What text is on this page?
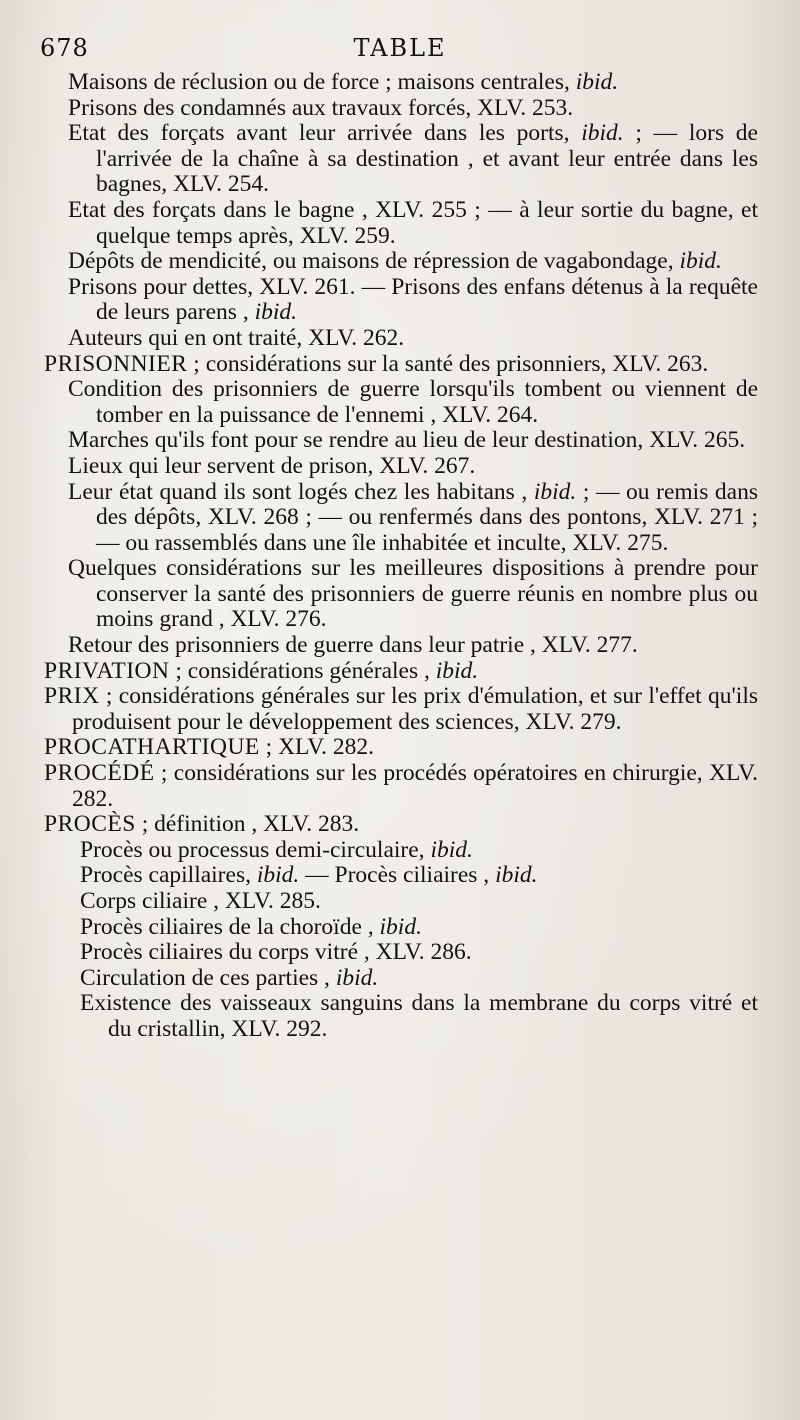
678	TABLE

Maisons de réclusion ou de force ; maisons centrales, ibid.

Prisons des condamnés aux travaux forcés, XLV. 253.

Etat des forçats avant leur arrivée dans les ports, ibid. ; — lors de l'arrivée de la chaîne à sa destination , et avant leur entrée dans les bagnes, XLV. 254.

Etat des forçats dans le bagne , XLV. 255 ; — à leur sortie du bagne, et quelque temps après, XLV. 259.

Dépôts de mendicité, ou maisons de répression de vagabondage, ibid.

Prisons pour dettes, XLV. 261. — Prisons des enfans détenus à la requête de leurs parens , ibid.

Auteurs qui en ont traité, XLV. 262.

PRISONNIER ; considérations sur la santé des prisonniers, XLV. 263.

Condition des prisonniers de guerre lorsqu'ils tombent ou viennent de tomber en la puissance de l'ennemi , XLV. 264.

Marches qu'ils font pour se rendre au lieu de leur destination, XLV. 265.

Lieux qui leur servent de prison, XLV. 267.

Leur état quand ils sont logés chez les habitans , ibid. ; — ou remis dans des dépôts, XLV. 268 ; — ou renfermés dans des pontons, XLV. 271 ; — ou rassemblés dans une île inhabitée et inculte, XLV. 275.

Quelques considérations sur les meilleures dispositions à prendre pour conserver la santé des prisonniers de guerre réunis en nombre plus ou moins grand , XLV. 276.

Retour des prisonniers de guerre dans leur patrie , XLV. 277.

PRIVATION ; considérations générales , ibid.

PRIX ; considérations générales sur les prix d'émulation, et sur l'effet qu'ils produisent pour le développement des sciences, XLV. 279.

PROCATHARTIQUE ; XLV. 282.

PROCÉDÉ ; considérations sur les procédés opératoires en chirurgie, XLV. 282.

PROCÈS ; définition , XLV. 283.

Procès ou processus demi-circulaire, ibid.

Procès capillaires, ibid. — Procès ciliaires , ibid.

Corps ciliaire , XLV. 285.

Procès ciliaires de la choroïde , ibid.

Procès ciliaires du corps vitré , XLV. 286.

Circulation de ces parties , ibid.

Existence des vaisseaux sanguins dans la membrane du corps vitré et du cristallin, XLV. 292.
